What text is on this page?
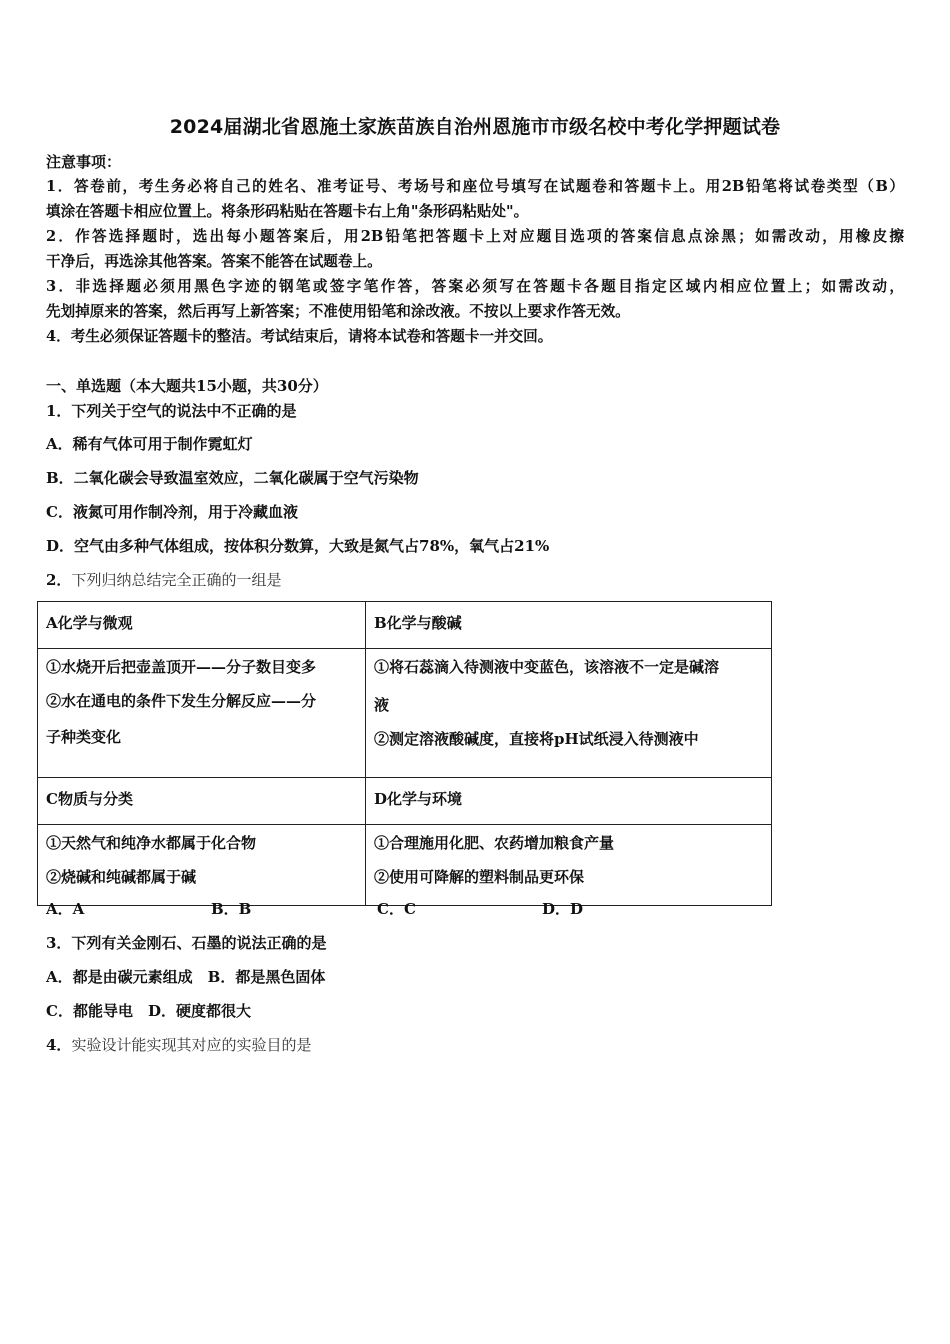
2024届湖北省恩施土家族苗族自治州恩施市市级名校中考化学押题试卷
注意事项：
1．答卷前，考生务必将自己的姓名、准考证号、考场号和座位号填写在试题卷和答题卡上。用2B铅笔将试卷类型（B）
填涂在答题卡相应位置上。将条形码粘贴在答题卡右上角"条形码粘贴处"。
2．作答选择题时，选出每小题答案后，用2B铅笔把答题卡上对应题目选项的答案信息点涂黑；如需改动，用橡皮擦
干净后，再选涂其他答案。答案不能答在试题卷上。
3．非选择题必须用黑色字迹的钢笔或签字笔作答，答案必须写在答题卡各题目指定区域内相应位置上；如需改动，
先划掉原来的答案，然后再写上新答案；不准使用铅笔和涂改液。不按以上要求作答无效。
4．考生必须保证答题卡的整洁。考试结束后，请将本试卷和答题卡一并交回。
一、单选题（本大题共15小题，共30分）
1．下列关于空气的说法中不正确的是
A．稀有气体可用于制作霓虹灯
B．二氧化碳会导致温室效应，二氧化碳属于空气污染物
C．液氮可用作制冷剂，用于冷藏血液
D．空气由多种气体组成，按体积分数算，大致是氮气占78%，氧气占21%
2．下列归纳总结完全正确的一组是
A化学与微观	B化学与酸碱

①水烧开后把壶盖顶开——分子数目变多
②水在通电的条件下发生分解反应——分
子种类变化	①将石蕊滴入待测液中变蓝色，该溶液不一定是碱溶
液
②测定溶液酸碱度，直接将pH试纸浸入待测液中

C物质与分类	D化学与环境

①天然气和纯净水都属于化合物
②烧碱和纯碱都属于碱	①合理施用化肥、农药增加粮食产量
②使用可降解的塑料制品更环保
A．A	B．B	C．C	D．D
3．下列有关金刚石、石墨的说法正确的是
A．都是由碳元素组成　B．都是黑色固体
C．都能导电　D．硬度都很大
4．实验设计能实现其对应的实验目的是
